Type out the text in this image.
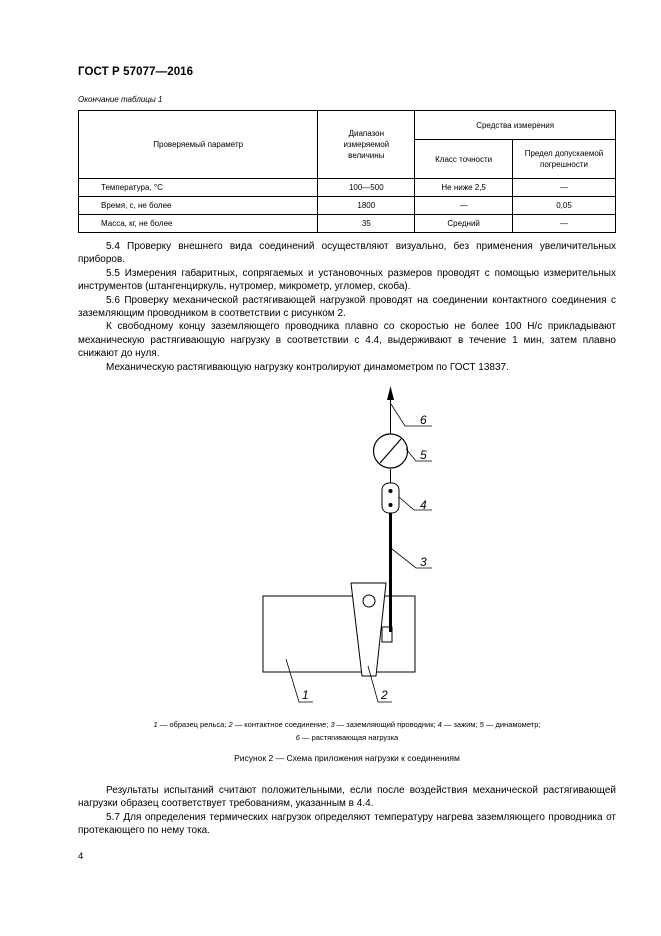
ГОСТ Р 57077—2016
Окончание таблицы 1
Проверяемый параметр	Диапазон измеряемой величины	Средства измерения	
		Класс точности	Предел допускаемой погрешности
Температура, °С	100—500	Не ниже 2,5	—
Время, с, не более	1800	—	0,05
Масса, кг, не более	35	Средний	—

5.4 Проверку внешнего вида соединений осуществляют визуально, без применения увеличительных приборов.

5.5 Измерения габаритных, сопрягаемых и установочных размеров проводят с помощью измерительных инструментов (штангенциркуль, нутромер, микрометр, угломер, скоба).

5.6 Проверку механической растягивающей нагрузкой проводят на соединении контактного соединения с заземляющим проводником в соответствии с рисунком 2.

К свободному концу заземляющего проводника плавно со скоростью не более 100 Н/с прикладывают механическую растягивающую нагрузку в соответствии с 4.4, выдерживают в течение 1 мин, затем плавно снижают до нуля.

Механическую растягивающую нагрузку контролируют динамометром по ГОСТ 13837.

1	2
3
4
5
6
1 — образец рельса; 2 — контактное соединение; 3 — заземляющий проводник; 4 — зажим; 5 — динамометр;
6 — растягивающая нагрузка
Рисунок 2 — Схема приложения нагрузки к соединениям

Результаты испытаний считают положительными, если после воздействия механической растягивающей нагрузки образец соответствует требованиям, указанным в 4.4.

5.7 Для определения термических нагрузок определяют температуру нагрева заземляющего проводника от протекающего по нему тока.

4
